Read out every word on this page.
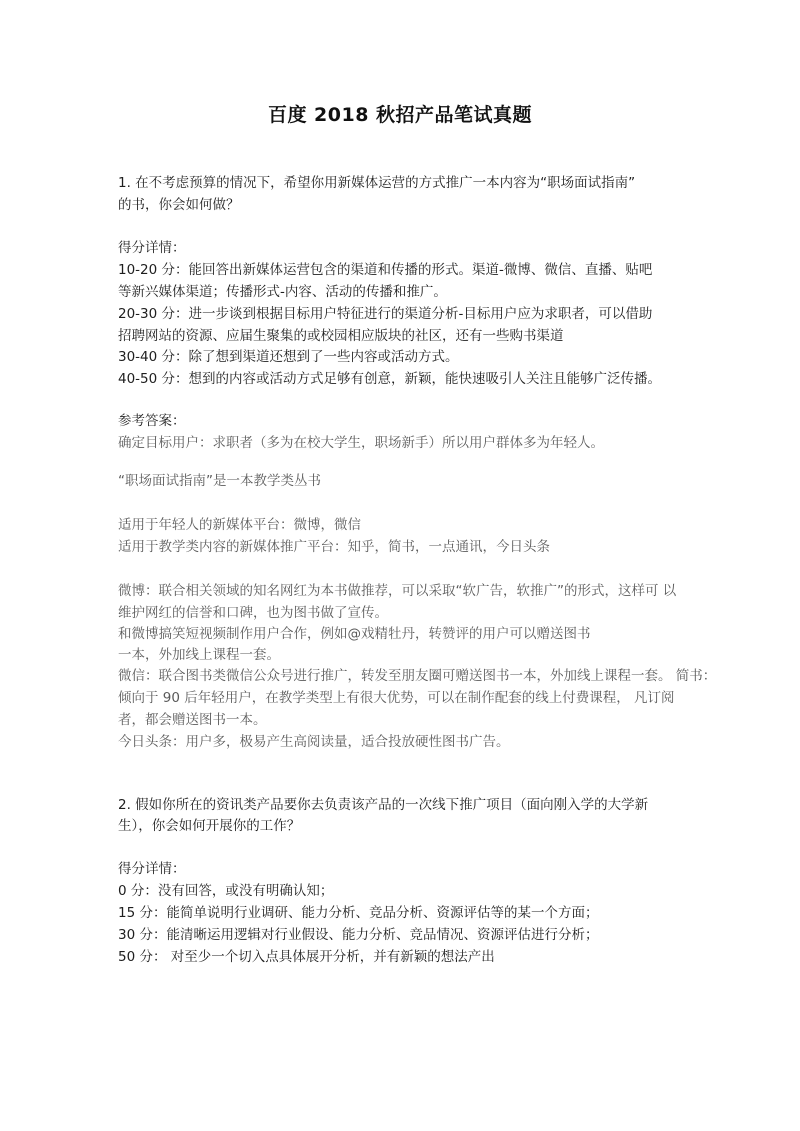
百度 2018 秋招产品笔试真题
1. 在不考虑预算的情况下，希望你用新媒体运营的方式推广一本内容为“职场面试指南”
的书，你会如何做？
得分详情：
10-20 分：能回答出新媒体运营包含的渠道和传播的形式。渠道-微博、微信、直播、贴吧
等新兴媒体渠道；传播形式-内容、活动的传播和推广。
20-30 分：进一步谈到根据目标用户特征进行的渠道分析-目标用户应为求职者，可以借助
招聘网站的资源、应届生聚集的或校园相应版块的社区，还有一些购书渠道
30-40 分：除了想到渠道还想到了一些内容或活动方式。
40-50 分：想到的内容或活动方式足够有创意，新颖，能快速吸引人关注且能够广泛传播。
参考答案：
确定目标用户：求职者（多为在校大学生，职场新手）所以用户群体多为年轻人。
“职场面试指南”是一本教学类丛书
适用于年轻人的新媒体平台：微博，微信
适用于教学类内容的新媒体推广平台：知乎，简书，一点通讯，今日头条
微博：联合相关领域的知名网红为本书做推荐，可以采取“软广告，软推广”的形式，这样可 以
维护网红的信誉和口碑，也为图书做了宣传。
和微博搞笑短视频制作用户合作，例如@戏精牡丹，转赞评的用户可以赠送图书
一本，外加线上课程一套。
微信：联合图书类微信公众号进行推广，转发至朋友圈可赠送图书一本，外加线上课程一套。 简书：
倾向于 90 后年轻用户，在教学类型上有很大优势，可以在制作配套的线上付费课程， 凡订阅
者，都会赠送图书一本。
今日头条：用户多，极易产生高阅读量，适合投放硬性图书广告。
2. 假如你所在的资讯类产品要你去负责该产品的一次线下推广项目（面向刚入学的大学新
生），你会如何开展你的工作？
得分详情：
0 分：没有回答，或没有明确认知；
15 分：能简单说明行业调研、能力分析、竞品分析、资源评估等的某一个方面；
30 分：能清晰运用逻辑对行业假设、能力分析、竞品情况、资源评估进行分析；
50 分： 对至少一个切入点具体展开分析，并有新颖的想法产出
